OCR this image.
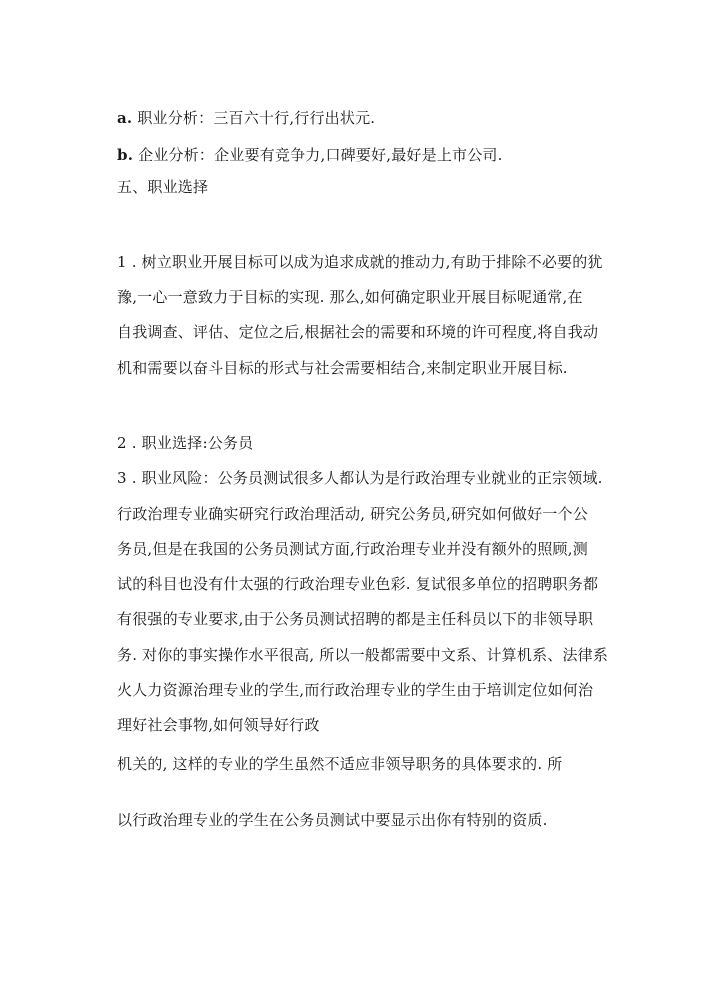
a. 职业分析：三百六十行,行行出状元.
b. 企业分析：企业要有竞争力,口碑要好,最好是上市公司.
五、职业选择
1 . 树立职业开展目标可以成为追求成就的推动力,有助于排除不必要的犹
豫,一心一意致力于目标的实现. 那么,如何确定职业开展目标呢通常,在
自我调查、评估、定位之后,根据社会的需要和环境的许可程度,将自我动
机和需要以奋斗目标的形式与社会需要相结合,来制定职业开展目标.
2 . 职业选择:公务员
3 . 职业风险：公务员测试很多人都认为是行政治理专业就业的正宗领域.
行政治理专业确实研究行政治理活动, 研究公务员,研究如何做好一个公
务员,但是在我国的公务员测试方面,行政治理专业并没有额外的照顾,测
试的科目也没有什太强的行政治理专业色彩. 复试很多单位的招聘职务都
有很强的专业要求,由于公务员测试招聘的都是主任科员以下的非领导职
务. 对你的事实操作水平很高, 所以一般都需要中文系、计算机系、法律系
火人力资源治理专业的学生,而行政治理专业的学生由于培训定位如何治
理好社会事物,如何领导好行政
机关的, 这样的专业的学生虽然不适应非领导职务的具体要求的. 所
以行政治理专业的学生在公务员测试中要显示出你有特别的资质.
